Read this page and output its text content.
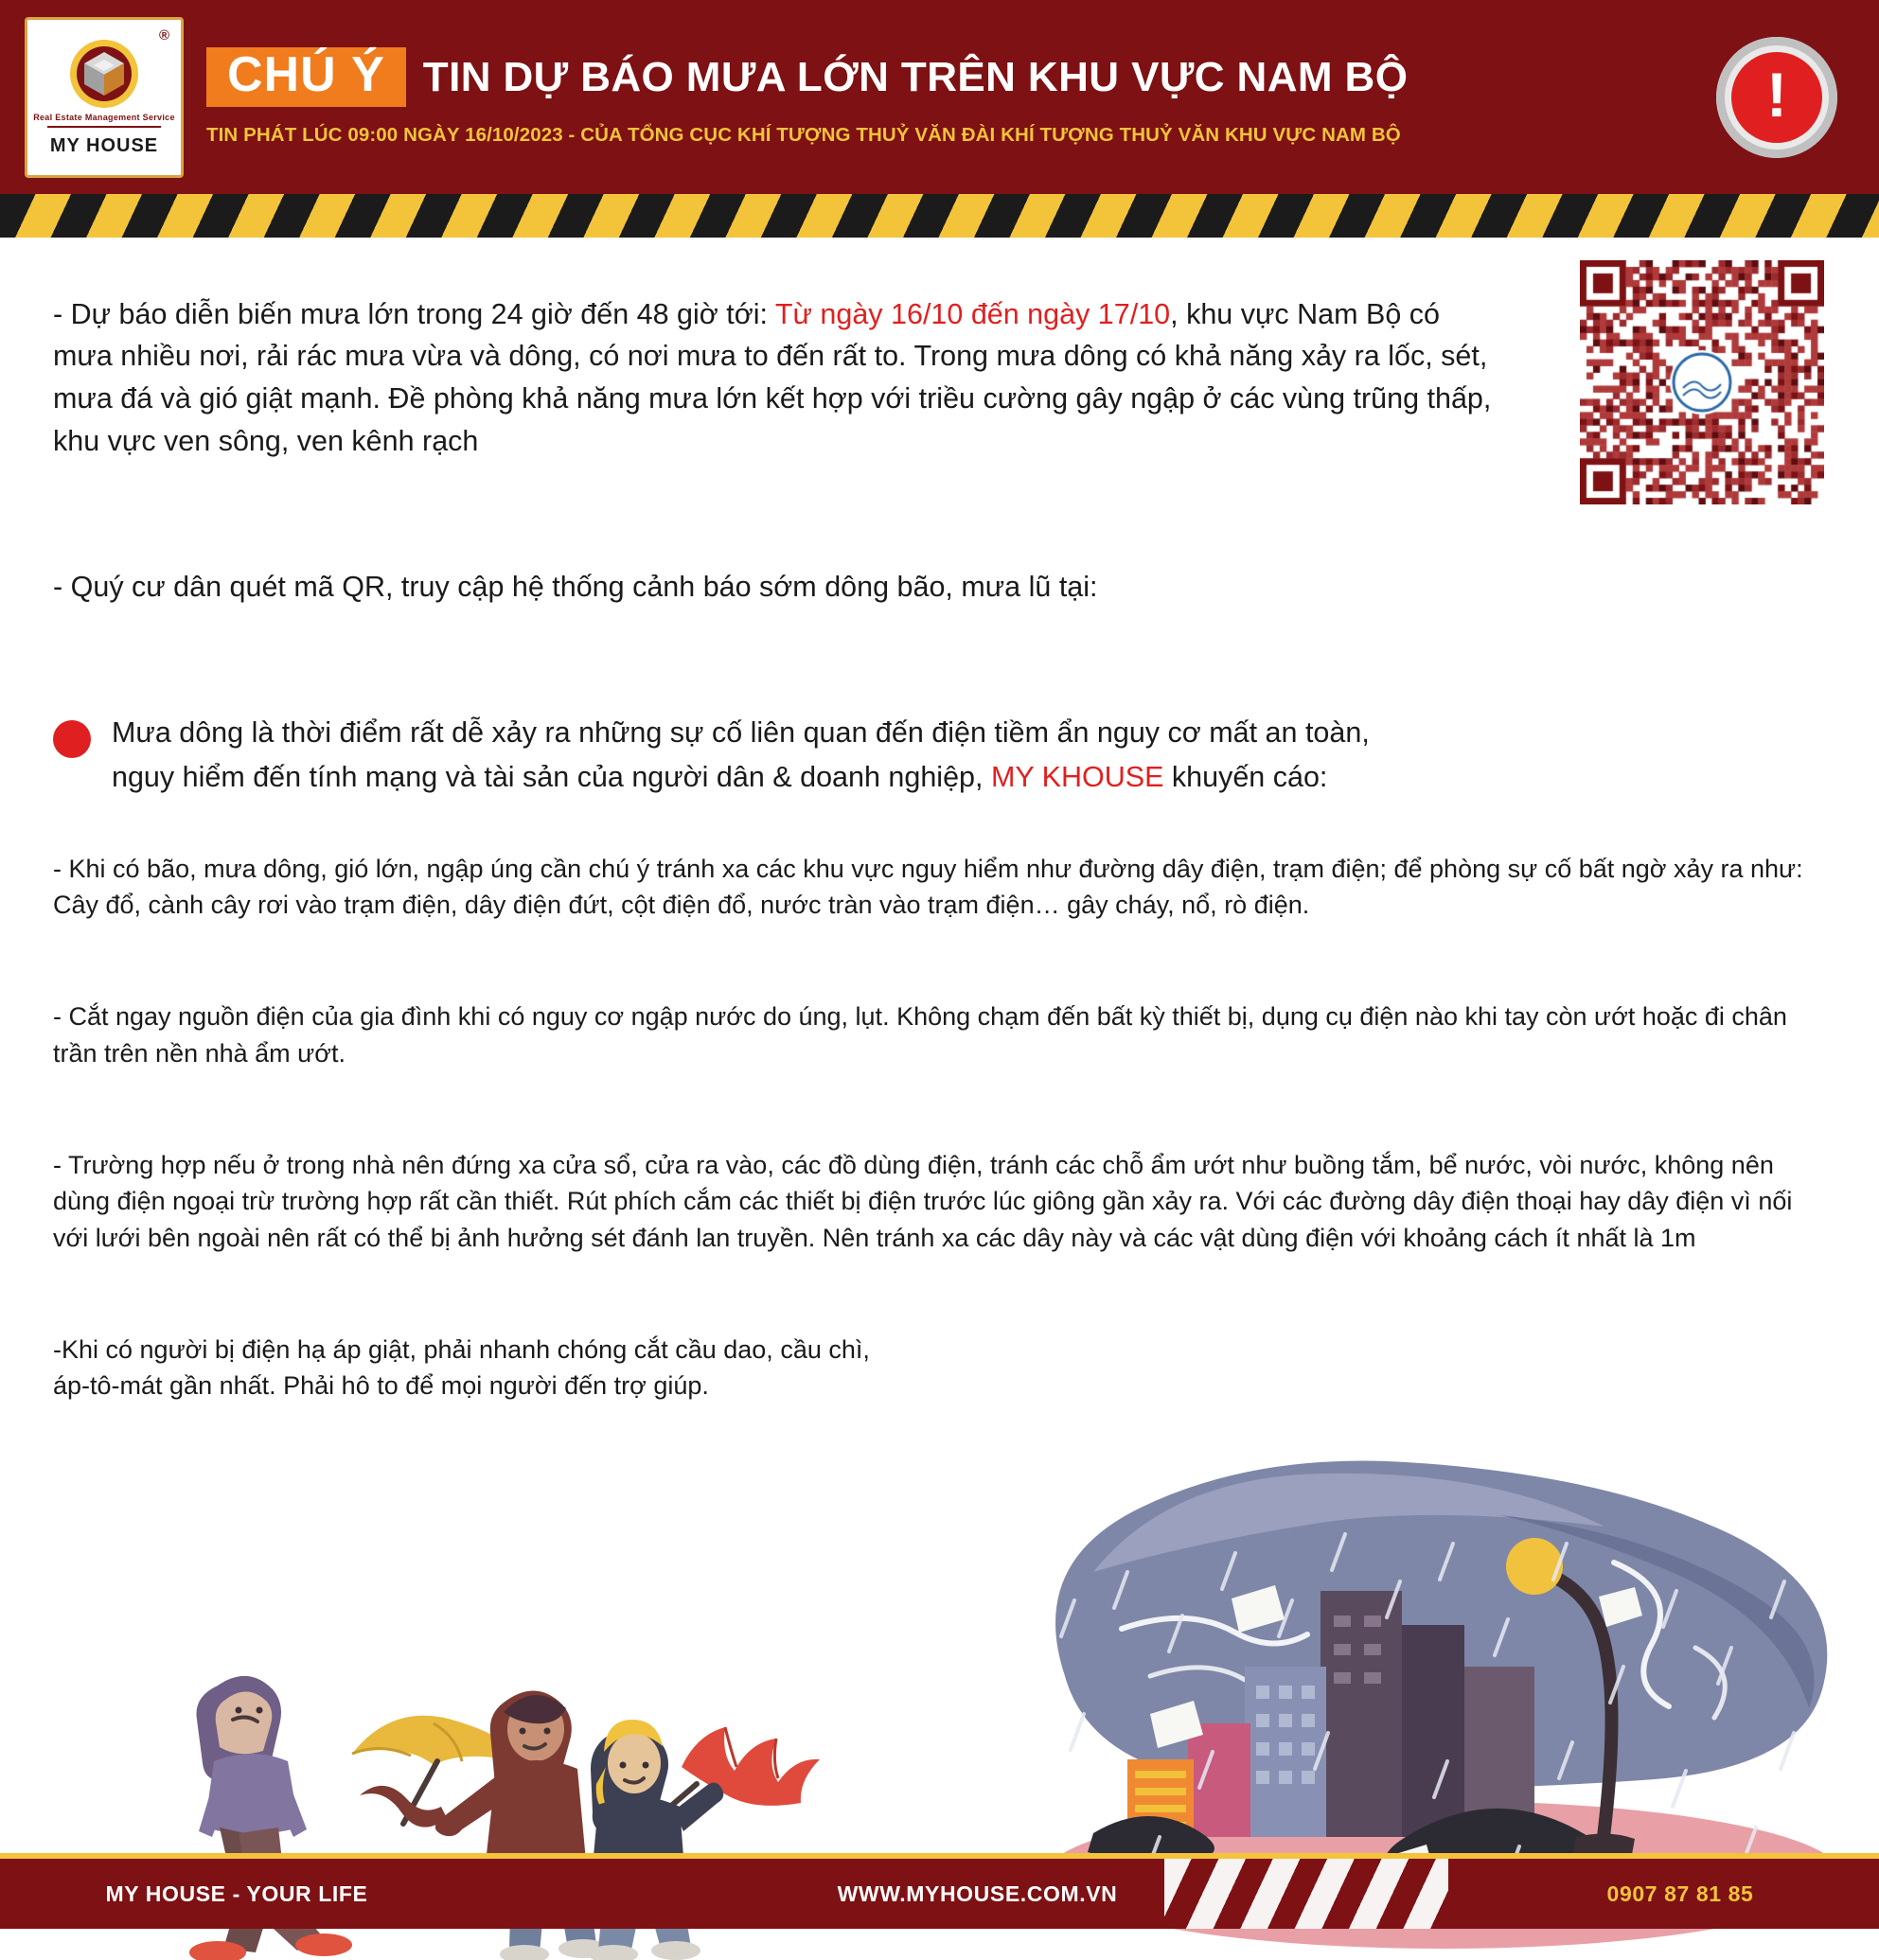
®
Real Estate Management Service
MY HOUSE
CHÚ Ý TIN DỰ BÁO MƯA LỚN TRÊN KHU VỰC NAM BỘ
TIN PHÁT LÚC 09:00 NGÀY 16/10/2023 - CỦA TỔNG CỤC KHÍ TƯỢNG THUỶ VĂN ĐÀI KHÍ TƯỢNG THUỶ VĂN KHU VỰC NAM BỘ
!

- Dự báo diễn biến mưa lớn trong 24 giờ đến 48 giờ tới: Từ ngày 16/10 đến ngày 17/10, khu vực Nam Bộ có mưa nhiều nơi, rải rác mưa vừa và dông, có nơi mưa to đến rất to. Trong mưa dông có khả năng xảy ra lốc, sét, mưa đá và gió giật mạnh. Đề phòng khả năng mưa lớn kết hợp với triều cường gây ngập ở các vùng trũng thấp, khu vực ven sông, ven kênh rạch

- Quý cư dân quét mã QR, truy cập hệ thống cảnh báo sớm dông bão, mưa lũ tại:

Mưa dông là thời điểm rất dễ xảy ra những sự cố liên quan đến điện tiềm ẩn nguy cơ mất an toàn,
nguy hiểm đến tính mạng và tài sản của người dân & doanh nghiệp, MY KHOUSE khuyến cáo:

- Khi có bão, mưa dông, gió lớn, ngập úng cần chú ý tránh xa các khu vực nguy hiểm như đường dây điện, trạm điện; để phòng sự cố bất ngờ xảy ra như: Cây đổ, cành cây rơi vào trạm điện, dây điện đứt, cột điện đổ, nước tràn vào trạm điện… gây cháy, nổ, rò điện.

- Cắt ngay nguồn điện của gia đình khi có nguy cơ ngập nước do úng, lụt. Không chạm đến bất kỳ thiết bị, dụng cụ điện nào khi tay còn ướt hoặc đi chân trần trên nền nhà ẩm ướt.

- Trường hợp nếu ở trong nhà nên đứng xa cửa sổ, cửa ra vào, các đồ dùng điện, tránh các chỗ ẩm ướt như buồng tắm, bể nước, vòi nước, không nên dùng điện ngoại trừ trường hợp rất cần thiết. Rút phích cắm các thiết bị điện trước lúc giông gần xảy ra. Với các đường dây điện thoại hay dây điện vì nối với lưới bên ngoài nên rất có thể bị ảnh hưởng sét đánh lan truyền. Nên tránh xa các dây này và các vật dùng điện với khoảng cách ít nhất là 1m

-Khi có người bị điện hạ áp giật, phải nhanh chóng cắt cầu dao, cầu chì, áp-tô-mát gần nhất. Phải hô to để mọi người đến trợ giúp.

MY HOUSE - YOUR LIFE	WWW.MYHOUSE.COM.VN	0907 87 81 85
